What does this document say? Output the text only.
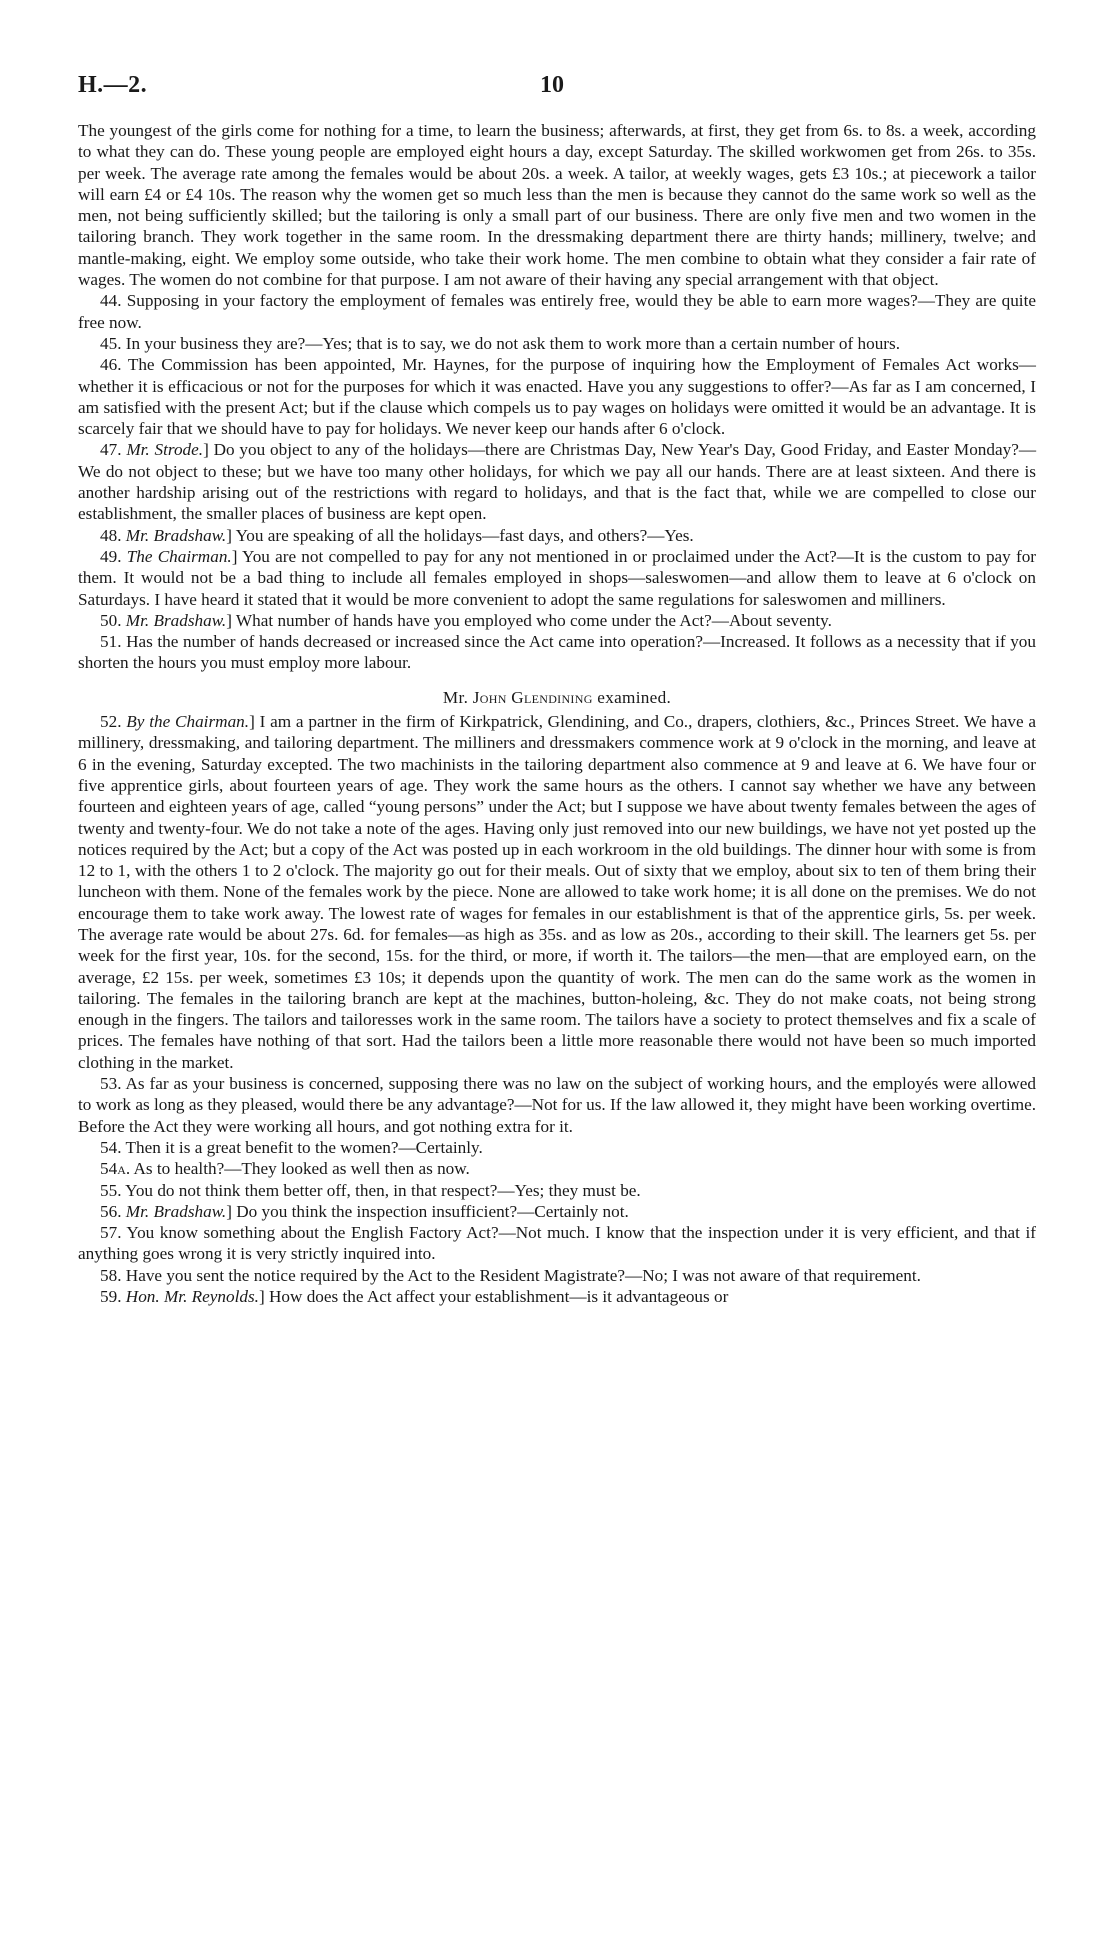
H.—2.	10

The youngest of the girls come for nothing for a time, to learn the business; afterwards, at first, they get from 6s. to 8s. a week, according to what they can do. These young people are employed eight hours a day, except Saturday. The skilled workwomen get from 26s. to 35s. per week. The average rate among the females would be about 20s. a week. A tailor, at weekly wages, gets £3 10s.; at piecework a tailor will earn £4 or £4 10s. The reason why the women get so much less than the men is because they cannot do the same work so well as the men, not being sufficiently skilled; but the tailoring is only a small part of our business. There are only five men and two women in the tailoring branch. They work together in the same room. In the dressmaking department there are thirty hands; millinery, twelve; and mantle-making, eight. We employ some outside, who take their work home. The men combine to obtain what they consider a fair rate of wages. The women do not combine for that purpose. I am not aware of their having any special arrangement with that object.

44. Supposing in your factory the employment of females was entirely free, would they be able to earn more wages?—They are quite free now.

45. In your business they are?—Yes; that is to say, we do not ask them to work more than a certain number of hours.

46. The Commission has been appointed, Mr. Haynes, for the purpose of inquiring how the Employment of Females Act works—whether it is efficacious or not for the purposes for which it was enacted. Have you any suggestions to offer?—As far as I am concerned, I am satisfied with the present Act; but if the clause which compels us to pay wages on holidays were omitted it would be an advantage. It is scarcely fair that we should have to pay for holidays. We never keep our hands after 6 o'clock.

47. Mr. Strode.] Do you object to any of the holidays—there are Christmas Day, New Year's Day, Good Friday, and Easter Monday?—We do not object to these; but we have too many other holidays, for which we pay all our hands. There are at least sixteen. And there is another hardship arising out of the restrictions with regard to holidays, and that is the fact that, while we are compelled to close our establishment, the smaller places of business are kept open.

48. Mr. Bradshaw.] You are speaking of all the holidays—fast days, and others?—Yes.

49. The Chairman.] You are not compelled to pay for any not mentioned in or proclaimed under the Act?—It is the custom to pay for them. It would not be a bad thing to include all females employed in shops—saleswomen—and allow them to leave at 6 o'clock on Saturdays. I have heard it stated that it would be more convenient to adopt the same regulations for saleswomen and milliners.

50. Mr. Bradshaw.] What number of hands have you employed who come under the Act?—About seventy.

51. Has the number of hands decreased or increased since the Act came into operation?—Increased. It follows as a necessity that if you shorten the hours you must employ more labour.

Mr. John Glendining examined.

52. By the Chairman.] I am a partner in the firm of Kirkpatrick, Glendining, and Co., drapers, clothiers, &c., Princes Street. We have a millinery, dressmaking, and tailoring department. The milliners and dressmakers commence work at 9 o'clock in the morning, and leave at 6 in the evening, Saturday excepted. The two machinists in the tailoring department also commence at 9 and leave at 6. We have four or five apprentice girls, about fourteen years of age. They work the same hours as the others. I cannot say whether we have any between fourteen and eighteen years of age, called “young persons” under the Act; but I suppose we have about twenty females between the ages of twenty and twenty-four. We do not take a note of the ages. Having only just removed into our new buildings, we have not yet posted up the notices required by the Act; but a copy of the Act was posted up in each workroom in the old buildings. The dinner hour with some is from 12 to 1, with the others 1 to 2 o'clock. The majority go out for their meals. Out of sixty that we employ, about six to ten of them bring their luncheon with them. None of the females work by the piece. None are allowed to take work home; it is all done on the premises. We do not encourage them to take work away. The lowest rate of wages for females in our establishment is that of the apprentice girls, 5s. per week. The average rate would be about 27s. 6d. for females—as high as 35s. and as low as 20s., according to their skill. The learners get 5s. per week for the first year, 10s. for the second, 15s. for the third, or more, if worth it. The tailors—the men—that are employed earn, on the average, £2 15s. per week, sometimes £3 10s; it depends upon the quantity of work. The men can do the same work as the women in tailoring. The females in the tailoring branch are kept at the machines, button-holeing, &c. They do not make coats, not being strong enough in the fingers. The tailors and tailoresses work in the same room. The tailors have a society to protect themselves and fix a scale of prices. The females have nothing of that sort. Had the tailors been a little more reasonable there would not have been so much imported clothing in the market.

53. As far as your business is concerned, supposing there was no law on the subject of working hours, and the employés were allowed to work as long as they pleased, would there be any advantage?—Not for us. If the law allowed it, they might have been working overtime. Before the Act they were working all hours, and got nothing extra for it.

54. Then it is a great benefit to the women?—Certainly.

54a. As to health?—They looked as well then as now.

55. You do not think them better off, then, in that respect?—Yes; they must be.

56. Mr. Bradshaw.] Do you think the inspection insufficient?—Certainly not.

57. You know something about the English Factory Act?—Not much. I know that the inspection under it is very efficient, and that if anything goes wrong it is very strictly inquired into.

58. Have you sent the notice required by the Act to the Resident Magistrate?—No; I was not aware of that requirement.

59. Hon. Mr. Reynolds.] How does the Act affect your establishment—is it advantageous or
